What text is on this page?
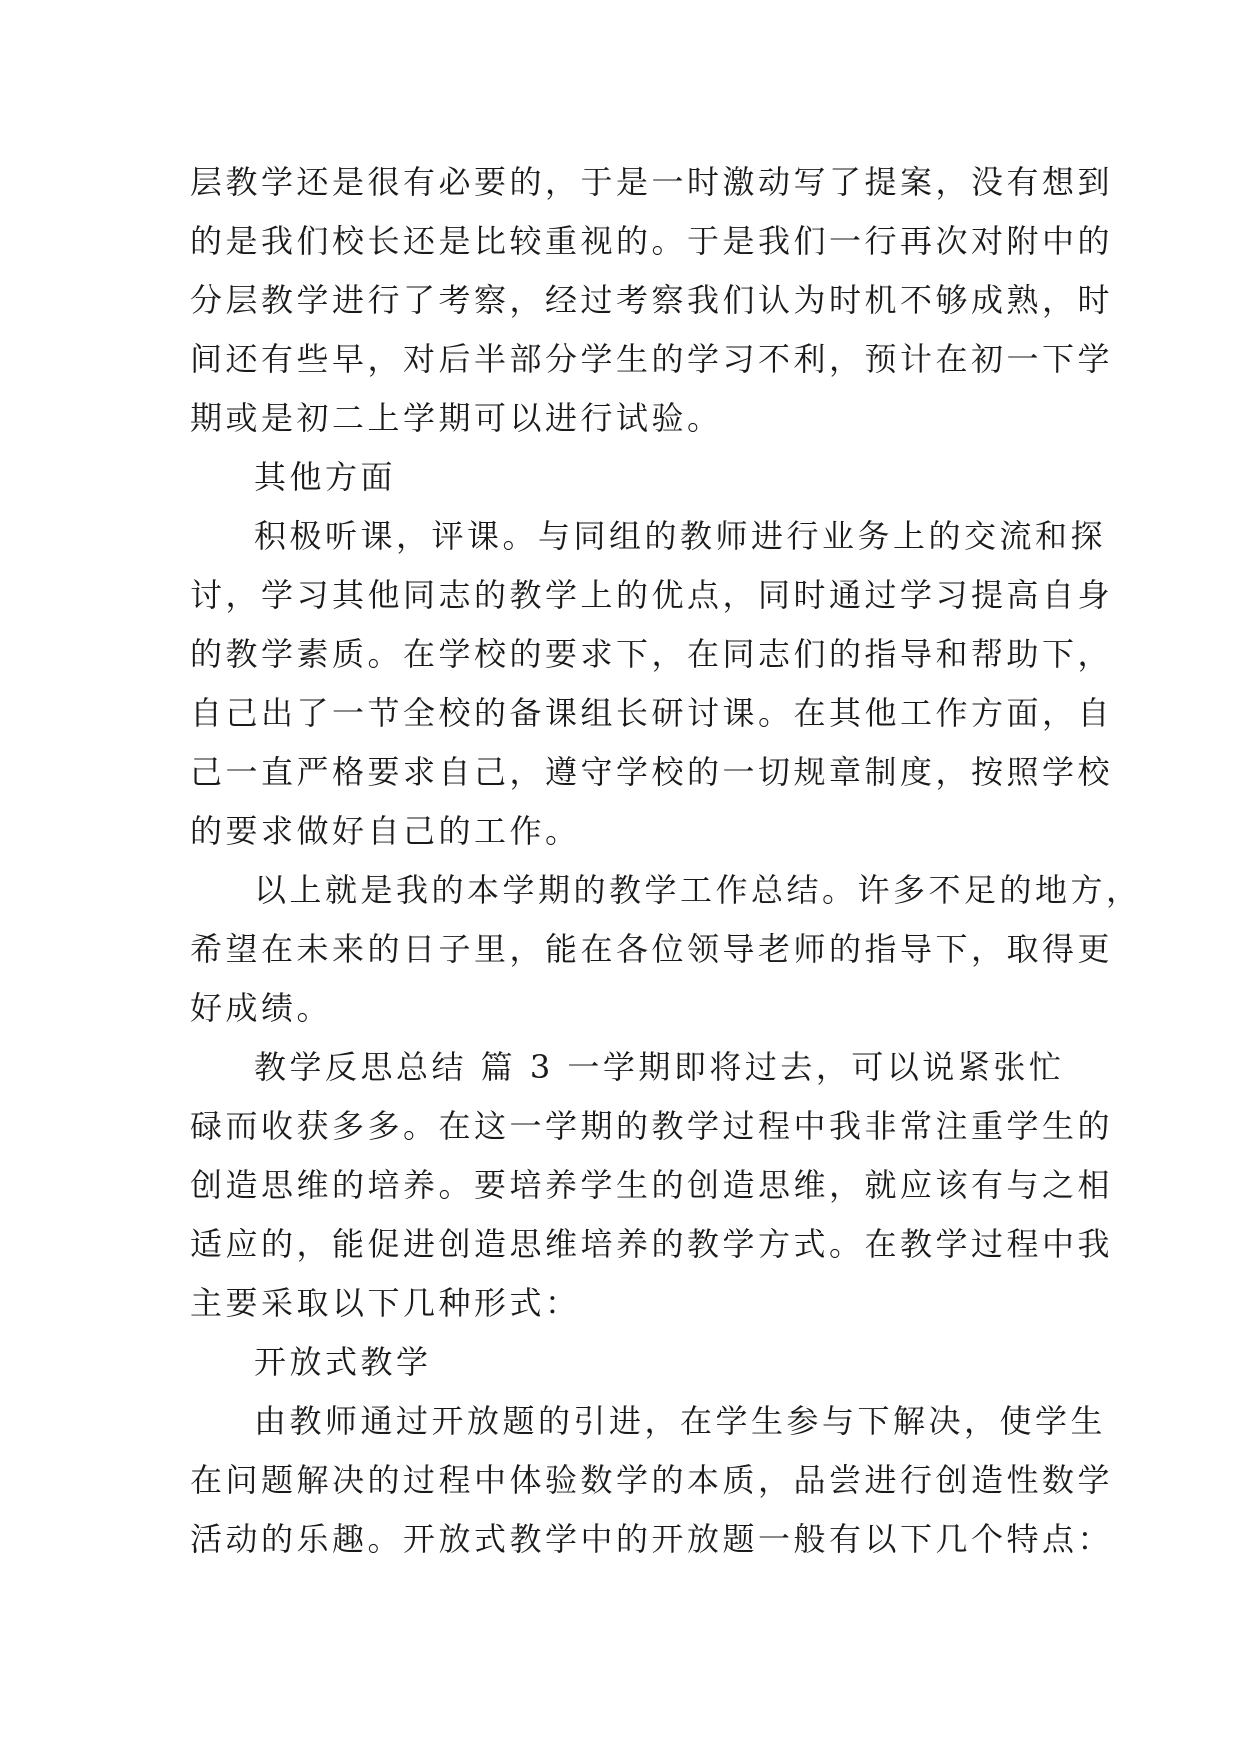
层教学还是很有必要的，于是一时激动写了提案，没有想到
的是我们校长还是比较重视的。于是我们一行再次对附中的
分层教学进行了考察，经过考察我们认为时机不够成熟，时
间还有些早，对后半部分学生的学习不利，预计在初一下学
期或是初二上学期可以进行试验。
其他方面
积极听课，评课。与同组的教师进行业务上的交流和探
讨，学习其他同志的教学上的优点，同时通过学习提高自身
的教学素质。在学校的要求下，在同志们的指导和帮助下，
自己出了一节全校的备课组长研讨课。在其他工作方面，自
己一直严格要求自己，遵守学校的一切规章制度，按照学校
的要求做好自己的工作。
以上就是我的本学期的教学工作总结。许多不足的地方，
希望在未来的日子里，能在各位领导老师的指导下，取得更
好成绩。
教学反思总结 篇 3 一学期即将过去，可以说紧张忙
碌而收获多多。在这一学期的教学过程中我非常注重学生的
创造思维的培养。要培养学生的创造思维，就应该有与之相
适应的，能促进创造思维培养的教学方式。在教学过程中我
主要采取以下几种形式：
开放式教学
由教师通过开放题的引进，在学生参与下解决，使学生
在问题解决的过程中体验数学的本质，品尝进行创造性数学
活动的乐趣。开放式教学中的开放题一般有以下几个特点：
